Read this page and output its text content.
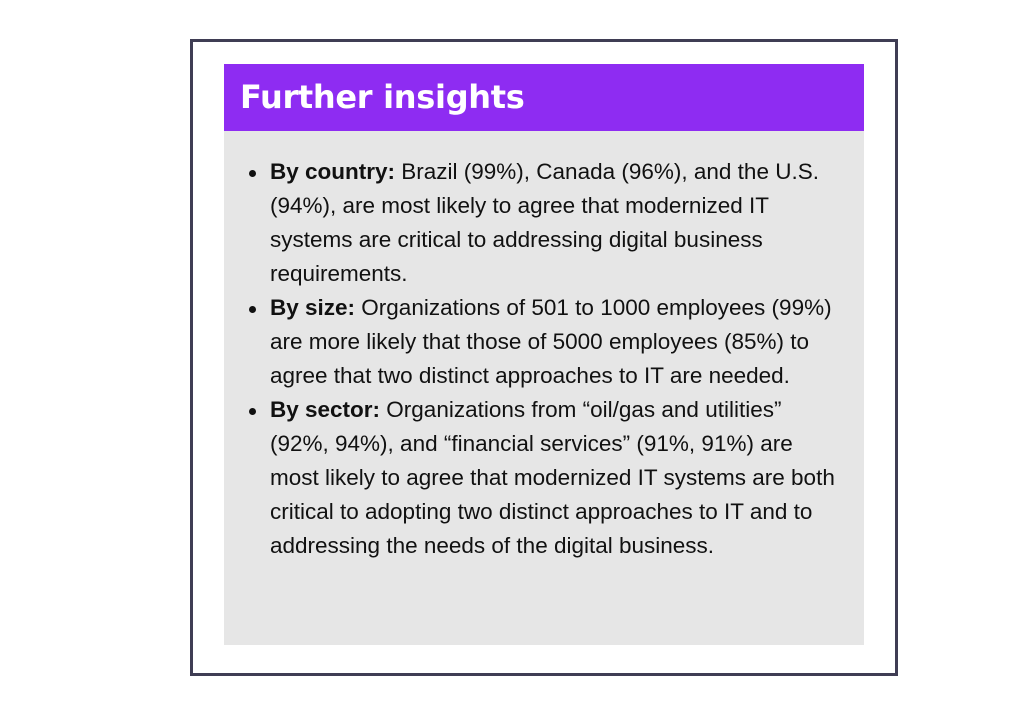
Further insights
By country: Brazil (99%), Canada (96%), and the U.S. (94%), are most likely to agree that modernized IT systems are critical to addressing digital business requirements.
By size: Organizations of 501 to 1000 employees (99%) are more likely that those of 5000 employees (85%) to agree that two distinct approaches to IT are needed.
By sector: Organizations from “oil/gas and utilities” (92%, 94%), and “financial services” (91%, 91%) are most likely to agree that modernized IT systems are both critical to adopting two distinct approaches to IT and to addressing the needs of the digital business.
